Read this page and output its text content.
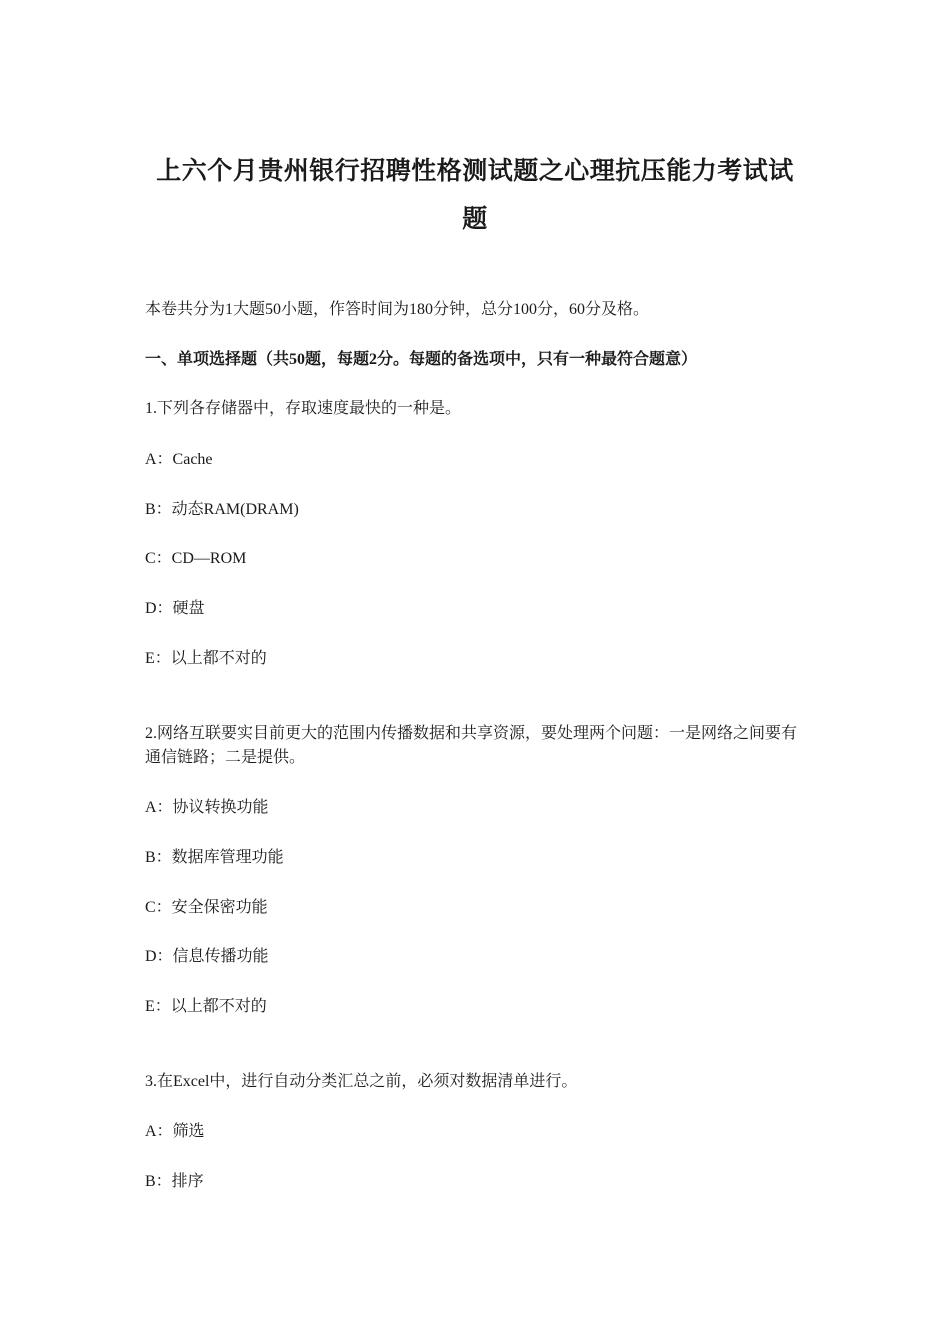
上六个月贵州银行招聘性格测试题之心理抗压能力考试试题
本卷共分为1大题50小题，作答时间为180分钟，总分100分，60分及格。
一、单项选择题（共50题，每题2分。每题的备选项中，只有一种最符合题意）
1.下列各存储器中，存取速度最快的一种是。
A：Cache
B：动态RAM(DRAM)
C：CD—ROM
D：硬盘
E：以上都不对的
2.网络互联要实目前更大的范围内传播数据和共享资源，要处理两个问题：一是网络之间要有通信链路；二是提供。
A：协议转换功能
B：数据库管理功能
C：安全保密功能
D：信息传播功能
E：以上都不对的
3.在Excel中，进行自动分类汇总之前，必须对数据清单进行。
A：筛选
B：排序
